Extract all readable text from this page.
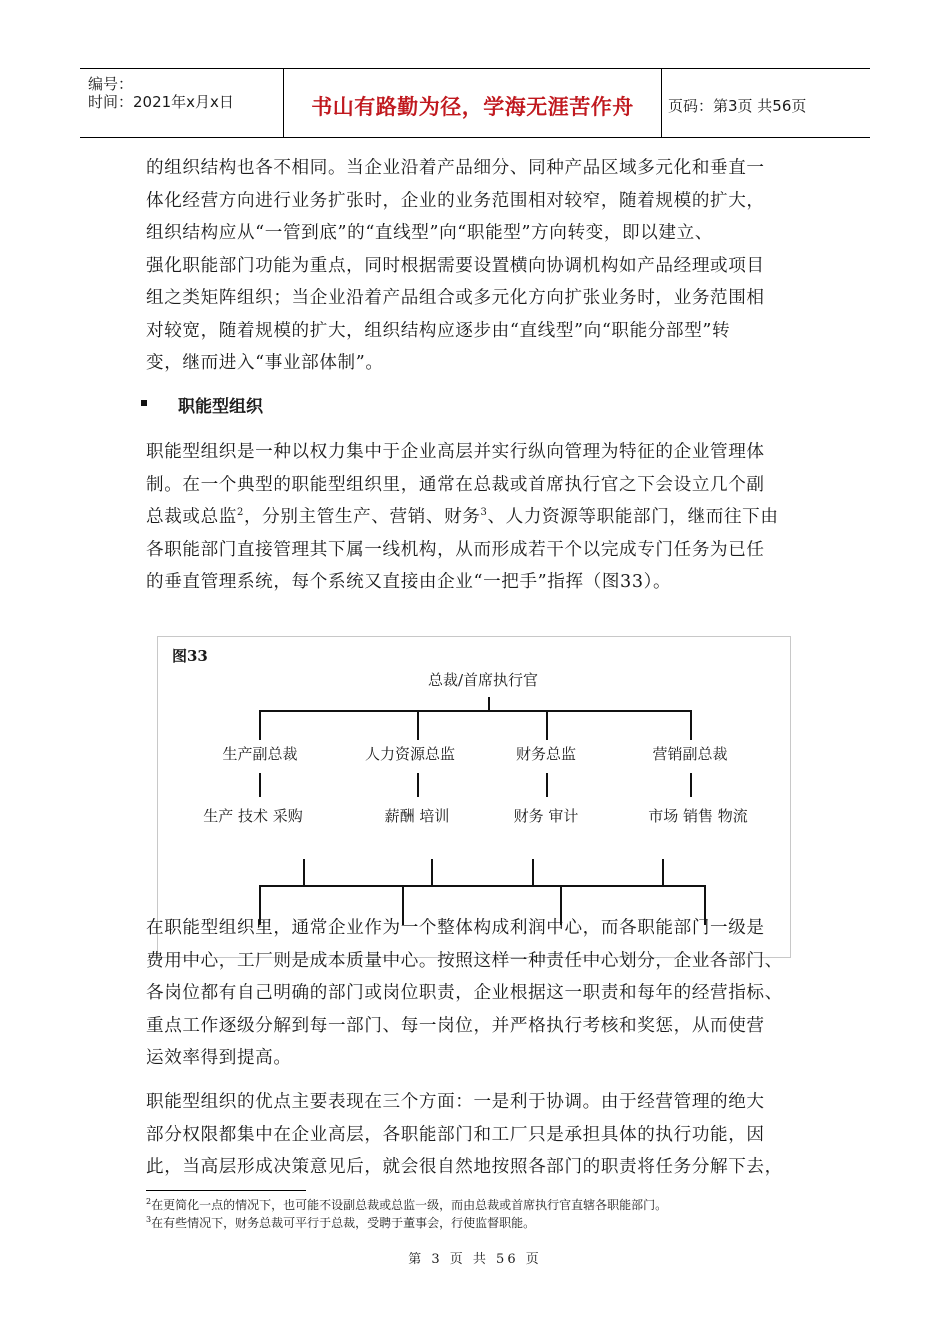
编号：
时间：2021年x月x日	书山有路勤为径，学海无涯苦作舟	页码：第3页 共56页
的组织结构也各不相同。当企业沿着产品细分、同种产品区域多元化和垂直一
体化经营方向进行业务扩张时，企业的业务范围相对较窄，随着规模的扩大，
组织结构应从“一管到底”的“直线型”向“职能型”方向转变，即以建立、
强化职能部门功能为重点，同时根据需要设置横向协调机构如产品经理或项目
组之类矩阵组织；当企业沿着产品组合或多元化方向扩张业务时，业务范围相
对较宽，随着规模的扩大，组织结构应逐步由“直线型”向“职能分部型”转
变，继而进入“事业部体制”。
职能型组织
职能型组织是一种以权力集中于企业高层并实行纵向管理为特征的企业管理体
制。在一个典型的职能型组织里，通常在总裁或首席执行官之下会设立几个副
总裁或总监$^2$，分别主管生产、营销、财务$^3$、人力资源等职能部门，继而往下由
各职能部门直接管理其下属一线机构，从而形成若干个以完成专门任务为已任
的垂直管理系统，每个系统又直接由企业“一把手”指挥（图33）。
图33
总裁/首席执行官
生产副总裁	人力资源总监	财务总监	营销副总裁
生产 技术 采购	薪酬 培训	财务 审计	市场 销售 物流
在职能型组织里，通常企业作为一个整体构成利润中心，而各职能部门一级是
费用中心，工厂则是成本质量中心。按照这样一种责任中心划分，企业各部门、
各岗位都有自己明确的部门或岗位职责，企业根据这一职责和每年的经营指标、
重点工作逐级分解到每一部门、每一岗位，并严格执行考核和奖惩，从而使营
运效率得到提高。
职能型组织的优点主要表现在三个方面：一是利于协调。由于经营管理的绝大
部分权限都集中在企业高层，各职能部门和工厂只是承担具体的执行功能，因
此，当高层形成决策意见后，就会很自然地按照各部门的职责将任务分解下去，
$^2$在更简化一点的情况下，也可能不设副总裁或总监一级，而由总裁或首席执行官直辖各职能部门。
$^3$在有些情况下，财务总裁可平行于总裁，受聘于董事会，行使监督职能。
第 3 页 共 56 页
